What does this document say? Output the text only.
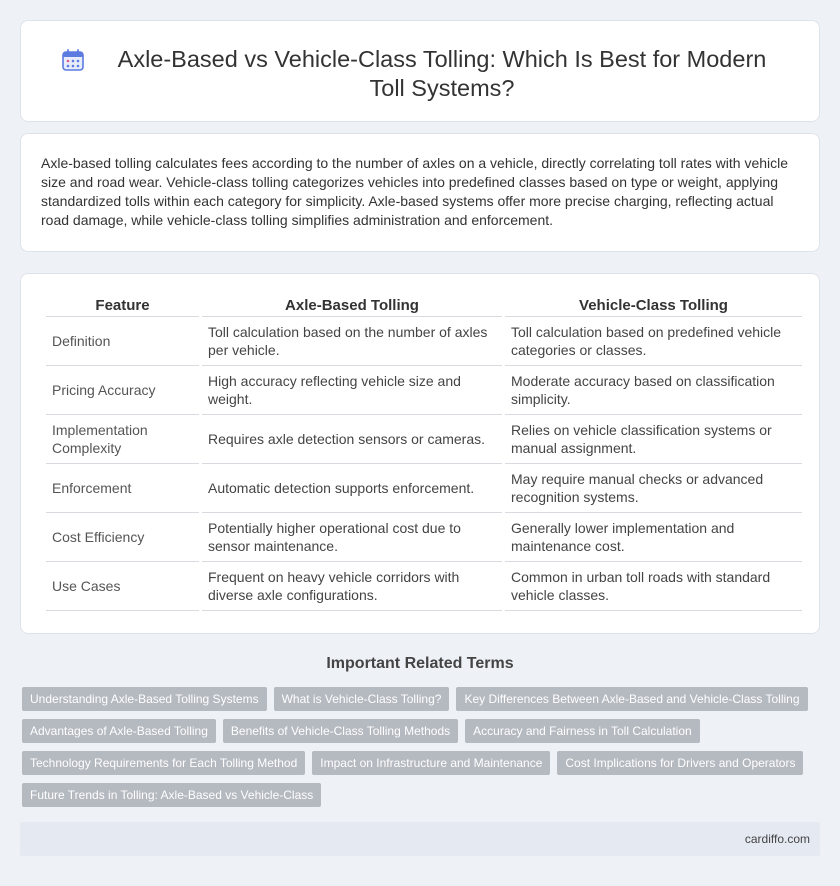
Axle-Based vs Vehicle-Class Tolling: Which Is Best for Modern Toll Systems?

Axle-based tolling calculates fees according to the number of axles on a vehicle, directly correlating toll rates with vehicle size and road wear. Vehicle-class tolling categorizes vehicles into predefined classes based on type or weight, applying standardized tolls within each category for simplicity. Axle-based systems offer more precise charging, reflecting actual road damage, while vehicle-class tolling simplifies administration and enforcement.

Feature	Axle-Based Tolling	Vehicle-Class Tolling
Definition	Toll calculation based on the number of axles per vehicle.	Toll calculation based on predefined vehicle categories or classes.
Pricing Accuracy	High accuracy reflecting vehicle size and weight.	Moderate accuracy based on classification simplicity.
Implementation Complexity	Requires axle detection sensors or cameras.	Relies on vehicle classification systems or manual assignment.
Enforcement	Automatic detection supports enforcement.	May require manual checks or advanced recognition systems.
Cost Efficiency	Potentially higher operational cost due to sensor maintenance.	Generally lower implementation and maintenance cost.
Use Cases	Frequent on heavy vehicle corridors with diverse axle configurations.	Common in urban toll roads with standard vehicle classes.
Important Related Terms
Understanding Axle-Based Tolling Systems	What is Vehicle-Class Tolling?	Key Differences Between Axle-Based and Vehicle-Class Tolling
Advantages of Axle-Based Tolling	Benefits of Vehicle-Class Tolling Methods	Accuracy and Fairness in Toll Calculation
Technology Requirements for Each Tolling Method	Impact on Infrastructure and Maintenance	Cost Implications for Drivers and Operators
Future Trends in Tolling: Axle-Based vs Vehicle-Class
cardiffo.com
